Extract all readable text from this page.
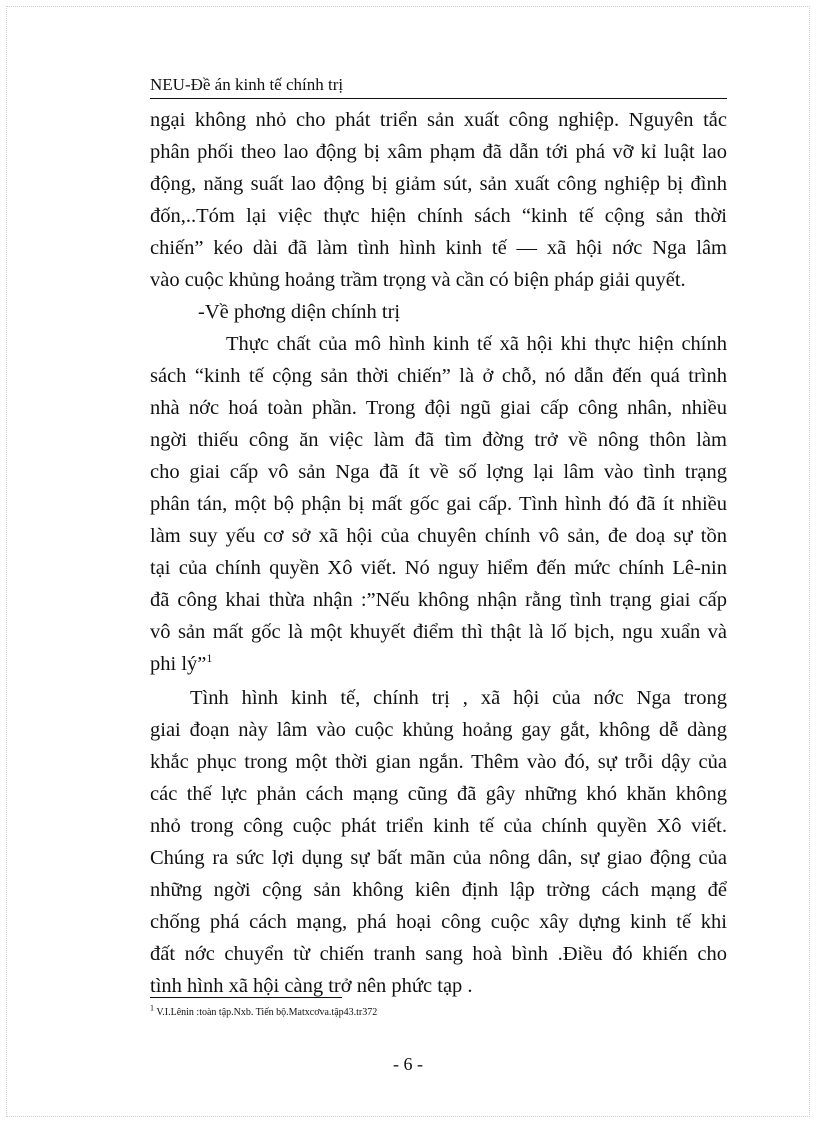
NEU-Đề án kinh tế chính trị
ngại không nhỏ cho phát triển sản xuất công nghiệp. Nguyên tắc
phân phối theo lao động bị xâm phạm đã dẫn tới phá vỡ kỉ luật lao
động, năng suất lao động bị giảm sút, sản xuất công nghiệp bị đình
đốn,..Tóm lại việc thực hiện chính sách “kinh tế cộng sản thời
chiến” kéo dài đã làm tình hình kinh tế — xã hội nớc Nga lâm
vào cuộc khủng hoảng trầm trọng và cần có biện pháp giải quyết.
-Về phơng diện chính trị
Thực chất của mô hình kinh tế xã hội khi thực hiện chính
sách “kinh tế cộng sản thời chiến” là ở chỗ, nó dẫn đến quá trình
nhà nớc hoá toàn phần. Trong đội ngũ giai cấp công nhân, nhiều
ngời thiếu công ăn việc làm đã tìm đờng trở về nông thôn làm
cho giai cấp vô sản Nga đã ít về số lợng lại lâm vào tình trạng
phân tán, một bộ phận bị mất gốc gai cấp. Tình hình đó đã ít nhiều
làm suy yếu cơ sở xã hội của chuyên chính vô sản, đe doạ sự tồn
tại của chính quyền Xô viết. Nó nguy hiểm đến mức chính Lê-nin
đã công khai thừa nhận :”Nếu không nhận rằng tình trạng giai cấp
vô sản mất gốc là một khuyết điểm thì thật là lố bịch, ngu xuẩn và
phi lý”$^1$
Tình hình kinh tế, chính trị , xã hội của nớc Nga trong
giai đoạn này lâm vào cuộc khủng hoảng gay gắt, không dễ dàng
khắc phục trong một thời gian ngắn. Thêm vào đó, sự trỗi dậy của
các thế lực phản cách mạng cũng đã gây những khó khăn không
nhỏ trong công cuộc phát triển kinh tế của chính quyền Xô viết.
Chúng ra sức lợi dụng sự bất mãn của nông dân, sự giao động của
những ngời cộng sản không kiên định lập trờng cách mạng để
chống phá cách mạng, phá hoại công cuộc xây dựng kinh tế khi
đất nớc chuyển từ chiến tranh sang hoà bình .Điều đó khiến cho
tình hình xã hội càng trở nên phức tạp .
$^1$ V.I.Lênin :toàn tập.Nxb. Tiến bộ.Matxcơva.tập43.tr372
- 6 -
